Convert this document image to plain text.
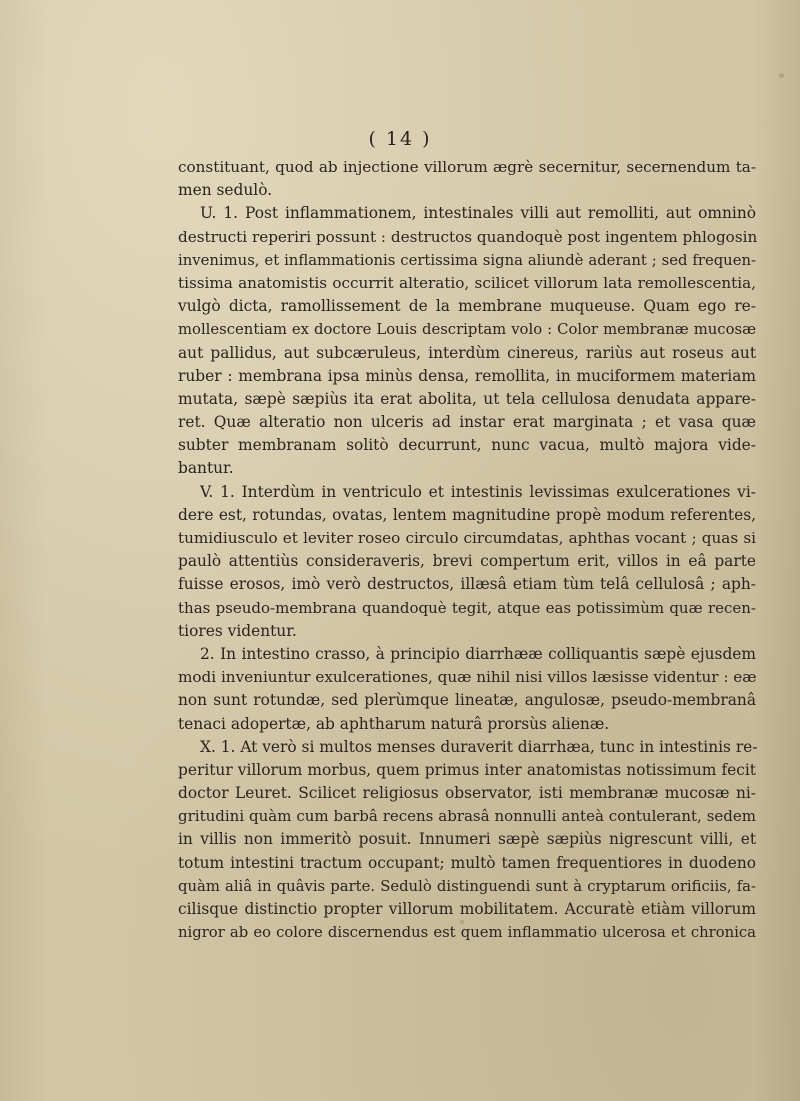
( 14 )
constituant, quod ab injectione villorum ægrè secernitur, secernendum ta-
men sedulò.
U. 1. Post inflammationem, intestinales villi aut remolliti, aut omninò
destructi reperiri possunt : destructos quandoquè post ingentem phlogosin
invenimus, et inflammationis certissima signa aliundè aderant ; sed frequen-
tissima anatomistis occurrit alteratio, scilicet villorum lata remollescentia,
vulgò dicta, ramollissement de la membrane muqueuse. Quam ego re-
mollescentiam ex doctore Louis descriptam volo : Color membranæ mucosæ
aut pallidus, aut subcæruleus, interdùm cinereus, rariùs aut roseus aut
ruber : membrana ipsa minùs densa, remollita, in muciformem materiam
mutata, sæpè sæpiùs ita erat abolita, ut tela cellulosa denudata appare-
ret. Quæ alteratio non ulceris ad instar erat marginata ; et vasa quæ
subter membranam solitò decurrunt, nunc vacua, multò majora vide-
bantur.
V. 1. Interdùm in ventriculo et intestinis levissimas exulcerationes vi-
dere est, rotundas, ovatas, lentem magnitudine propè modum referentes,
tumidiusculo et leviter roseo circulo circumdatas, aphthas vocant ; quas si
paulò attentiùs consideraveris, brevi compertum erit, villos in eâ parte
fuisse erosos, imò verò destructos, illæsâ etiam tùm telâ cellulosâ ; aph-
thas pseudo-membrana quandoquè tegit, atque eas potissimùm quæ recen-
tiores videntur.
2. In intestino crasso, à principio diarrhææ colliquantis sæpè ejusdem
modi inveniuntur exulcerationes, quæ nihil nisi villos læsisse videntur : eæ
non sunt rotundæ, sed plerùmque lineatæ, angulosæ, pseudo-membranâ
tenaci adopertæ, ab aphtharum naturâ prorsùs alienæ.
X. 1. At verò si multos menses duraverit diarrhæa, tunc in intestinis re-
peritur villorum morbus, quem primus inter anatomistas notissimum fecit
doctor Leuret. Scilicet religiosus observator, isti membranæ mucosæ ni-
gritudini quàm cum barbâ recens abrasâ nonnulli anteà contulerant, sedem
in villis non immeritò posuit. Innumeri sæpè sæpiùs nigrescunt villi, et
totum intestini tractum occupant; multò tamen frequentiores in duodeno
quàm aliâ in quâvis parte. Sedulò distinguendi sunt à cryptarum orificiis, fa-
cilisque distinctio propter villorum mobilitatem. Accuratè etiàm villorum
nigror ab eo colore discernendus est quem inflammatio ulcerosa et chronica
